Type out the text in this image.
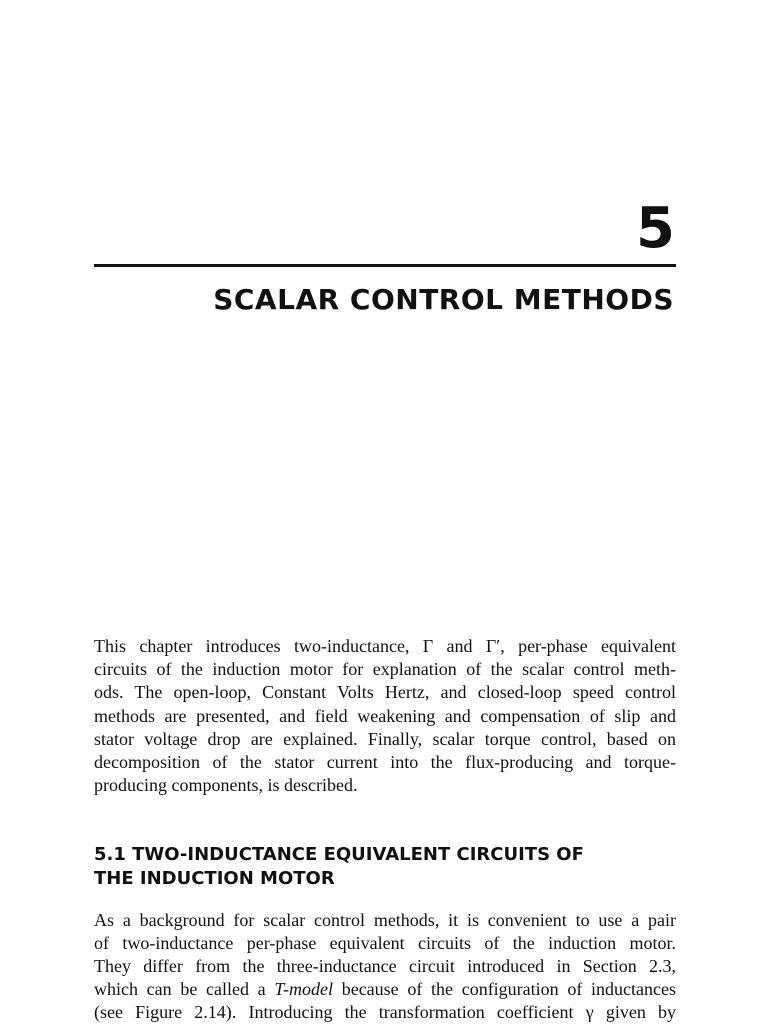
5
SCALAR CONTROL METHODS

This chapter introduces two-inductance, Γ and Γ′, per-phase equivalent
circuits of the induction motor for explanation of the scalar control meth-
ods. The open-loop, Constant Volts Hertz, and closed-loop speed control
methods are presented, and field weakening and compensation of slip and
stator voltage drop are explained. Finally, scalar torque control, based on
decomposition of the stator current into the flux-producing and torque-
producing components, is described.

5.1 TWO-INDUCTANCE EQUIVALENT CIRCUITS OF
THE INDUCTION MOTOR

As a background for scalar control methods, it is convenient to use a pair
of two-inductance per-phase equivalent circuits of the induction motor.
They differ from the three-inductance circuit introduced in Section 2.3,
which can be called a T-model because of the configuration of inductances
(see Figure 2.14). Introducing the transformation coefficient γ given by
